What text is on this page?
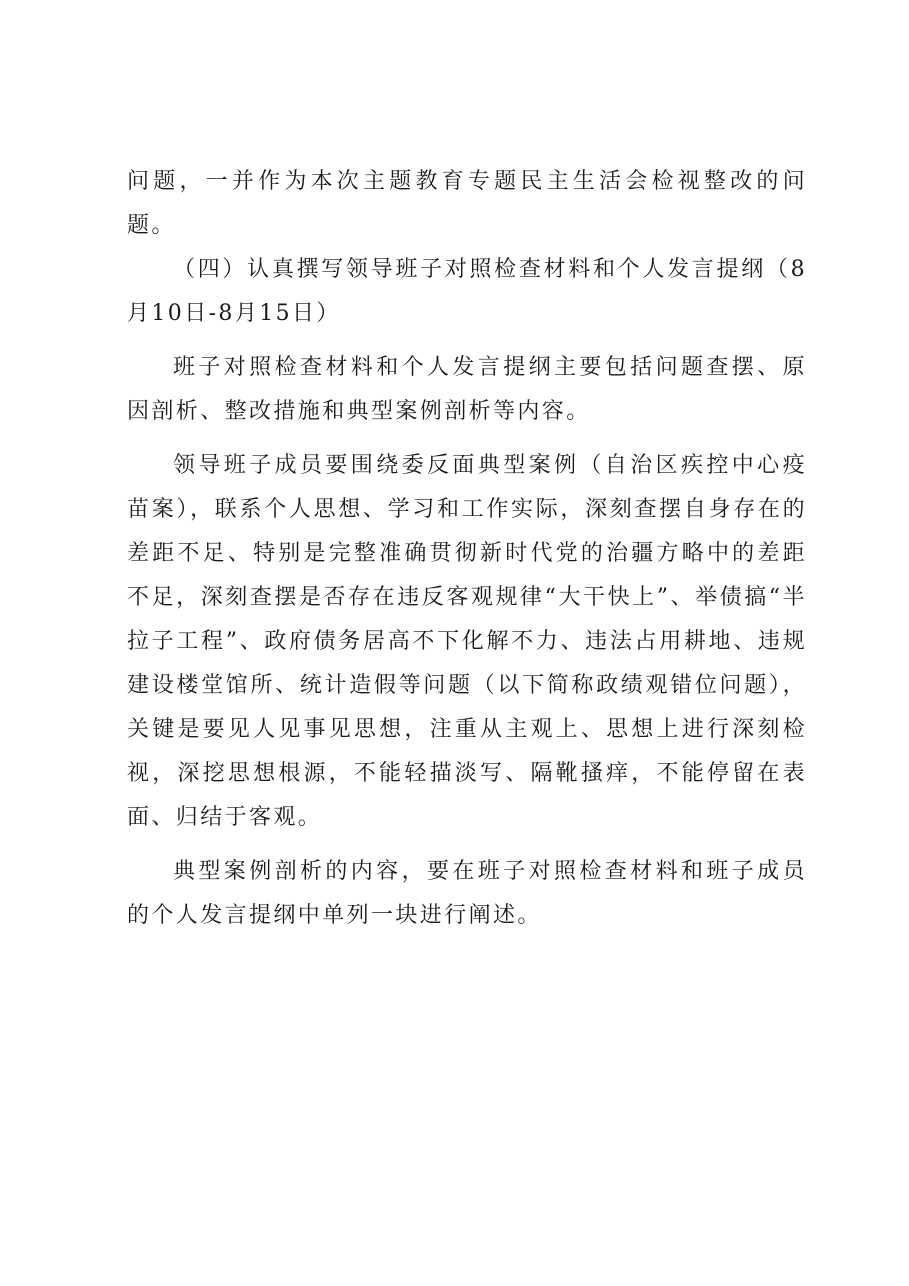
问题，一并作为本次主题教育专题民主生活会检视整改的问题。

（四）认真撰写领导班子对照检查材料和个人发言提纲（8月10日-8月15日）

班子对照检查材料和个人发言提纲主要包括问题查摆、原因剖析、整改措施和典型案例剖析等内容。

领导班子成员要围绕委反面典型案例（自治区疾控中心疫苗案），联系个人思想、学习和工作实际，深刻查摆自身存在的差距不足、特别是完整准确贯彻新时代党的治疆方略中的差距不足，深刻查摆是否存在违反客观规律“大干快上”、举债搞“半拉子工程”、政府债务居高不下化解不力、违法占用耕地、违规建设楼堂馆所、统计造假等问题（以下简称政绩观错位问题），关键是要见人见事见思想，注重从主观上、思想上进行深刻检视，深挖思想根源，不能轻描淡写、隔靴搔痒，不能停留在表面、归结于客观。

典型案例剖析的内容，要在班子对照检查材料和班子成员的个人发言提纲中单列一块进行阐述。
